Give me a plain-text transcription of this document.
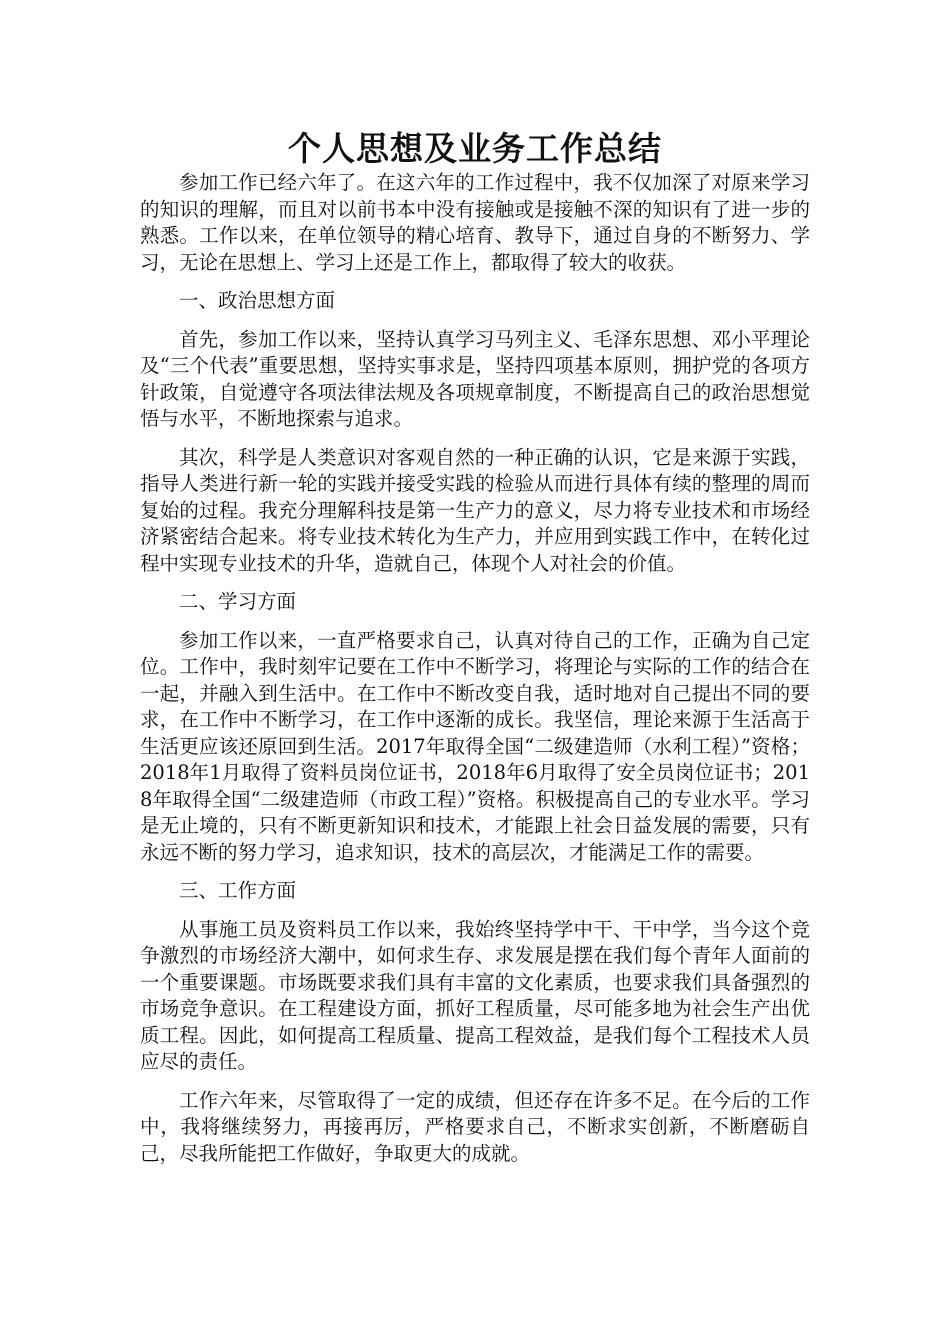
个人思想及业务工作总结

参加工作已经六年了。在这六年的工作过程中，我不仅加深了对原来学习的知识的理解，而且对以前书本中没有接触或是接触不深的知识有了进一步的熟悉。工作以来，在单位领导的精心培育、教导下，通过自身的不断努力、学习，无论在思想上、学习上还是工作上，都取得了较大的收获。

一、政治思想方面

首先，参加工作以来，坚持认真学习马列主义、毛泽东思想、邓小平理论及“三个代表”重要思想，坚持实事求是，坚持四项基本原则，拥护党的各项方针政策，自觉遵守各项法律法规及各项规章制度，不断提高自己的政治思想觉悟与水平，不断地探索与追求。

其次，科学是人类意识对客观自然的一种正确的认识，它是来源于实践，指导人类进行新一轮的实践并接受实践的检验从而进行具体有续的整理的周而复始的过程。我充分理解科技是第一生产力的意义，尽力将专业技术和市场经济紧密结合起来。将专业技术转化为生产力，并应用到实践工作中，在转化过程中实现专业技术的升华，造就自己，体现个人对社会的价值。

二、学习方面

参加工作以来，一直严格要求自己，认真对待自己的工作，正确为自己定位。工作中，我时刻牢记要在工作中不断学习，将理论与实际的工作的结合在一起，并融入到生活中。在工作中不断改变自我，适时地对自己提出不同的要求，在工作中不断学习，在工作中逐渐的成长。我坚信，理论来源于生活高于生活更应该还原回到生活。2017年取得全国“二级建造师（水利工程）”资格；2018年1月取得了资料员岗位证书，2018年6月取得了安全员岗位证书；2018年取得全国“二级建造师（市政工程）”资格。积极提高自己的专业水平。学习是无止境的，只有不断更新知识和技术，才能跟上社会日益发展的需要，只有永远不断的努力学习，追求知识，技术的高层次，才能满足工作的需要。

三、工作方面

从事施工员及资料员工作以来，我始终坚持学中干、干中学，当今这个竞争激烈的市场经济大潮中，如何求生存、求发展是摆在我们每个青年人面前的一个重要课题。市场既要求我们具有丰富的文化素质，也要求我们具备强烈的市场竞争意识。在工程建设方面，抓好工程质量，尽可能多地为社会生产出优质工程。因此，如何提高工程质量、提高工程效益，是我们每个工程技术人员应尽的责任。

工作六年来，尽管取得了一定的成绩，但还存在许多不足。在今后的工作中，我将继续努力，再接再厉，严格要求自己，不断求实创新，不断磨砺自己，尽我所能把工作做好，争取更大的成就。
